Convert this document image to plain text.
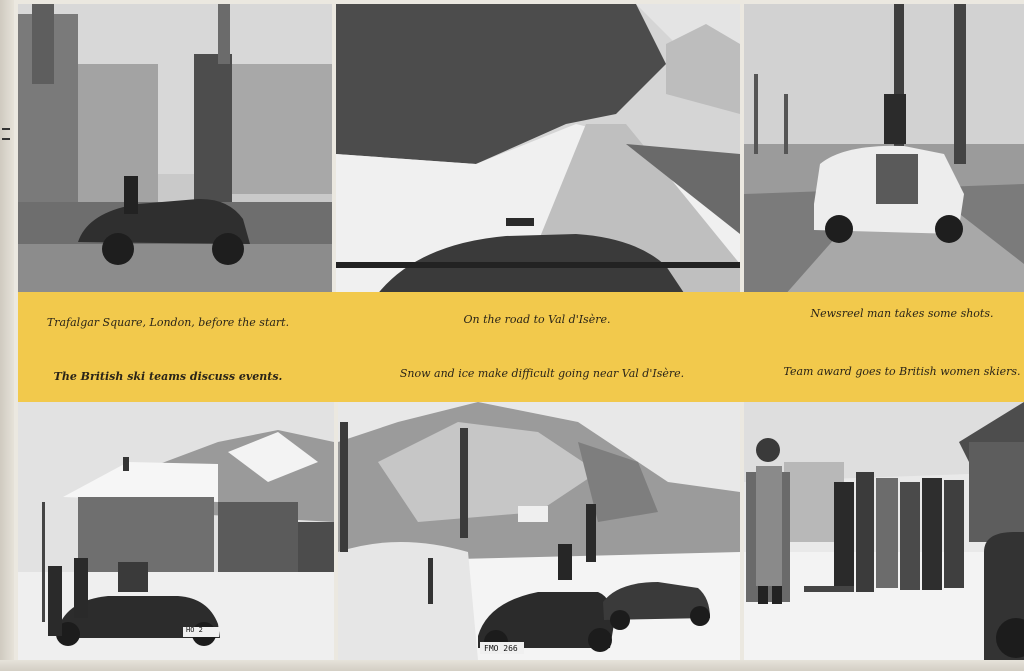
Trafalgar Square, London, before the start.	On the road to Val d'Isère.	Newsreel man takes some shots.
The British ski teams discuss events.	Snow and ice make difficult going near Val d'Isère.	Team award goes to British women skiers.
HO 2
FMO 266
